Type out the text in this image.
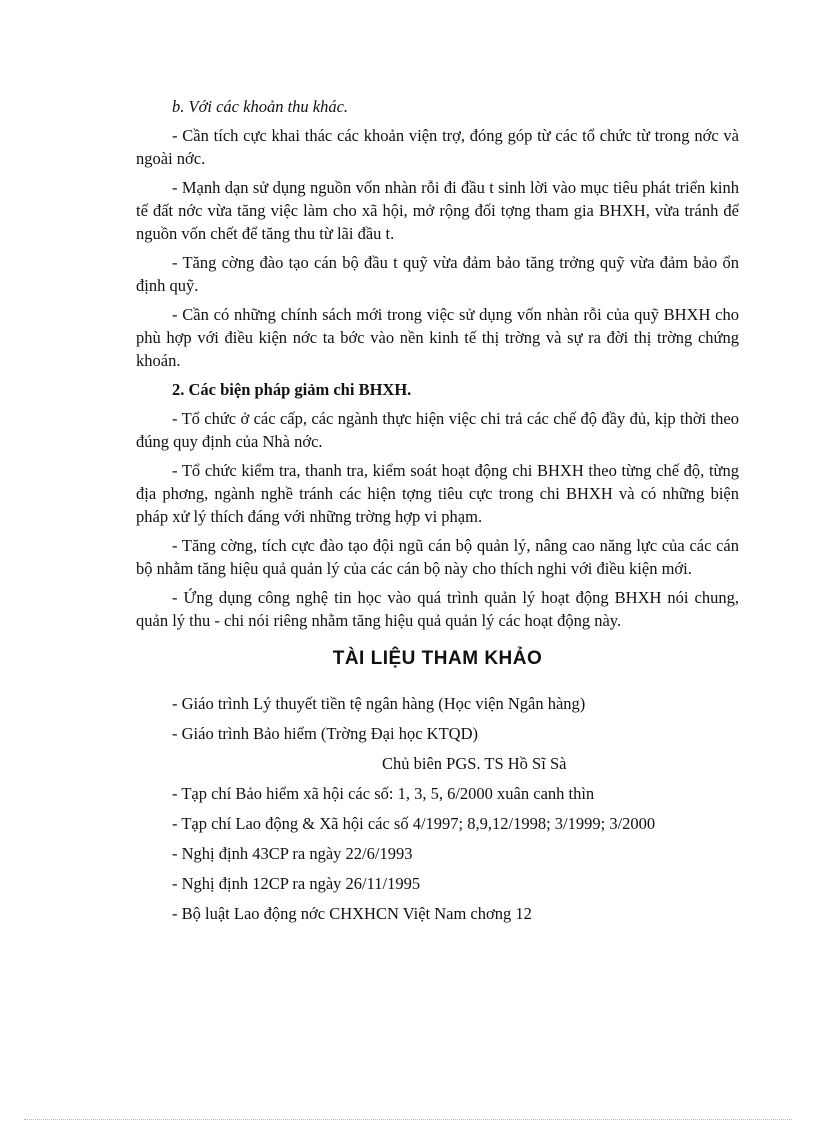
b. Với các khoản thu khác.

- Cần tích cực khai thác các khoản viện trợ, đóng góp từ các tổ chức từ trong nớc và ngoài nớc.

- Mạnh dạn sử dụng nguồn vốn nhàn rỗi đi đầu t sinh lời vào mục tiêu phát triển kinh tế đất nớc vừa tăng việc làm cho xã hội, mở rộng đối tợng tham gia BHXH, vừa tránh để nguồn vốn chết để tăng thu từ lãi đầu t.

- Tăng cờng đào tạo cán bộ đầu t quỹ vừa đảm bảo tăng trởng quỹ vừa đảm bảo ổn định quỹ.

- Cần có những chính sách mới trong việc sử dụng vốn nhàn rỗi của quỹ BHXH cho phù hợp với điều kiện nớc ta bớc vào nền kinh tế thị trờng và sự ra đời thị trờng chứng khoán.

2. Các biện pháp giảm chi BHXH.

- Tổ chức ở các cấp, các ngành thực hiện việc chi trả các chế độ đầy đủ, kịp thời theo đúng quy định của Nhà nớc.

- Tổ chức kiểm tra, thanh tra, kiểm soát hoạt động chi BHXH theo từng chế độ, từng địa phơng, ngành nghề tránh các hiện tợng tiêu cực trong chi BHXH và có những biện pháp xử lý thích đáng với những trờng hợp vi phạm.

- Tăng cờng, tích cực đào tạo đội ngũ cán bộ quản lý, nâng cao năng lực của các cán bộ nhằm tăng hiệu quả quản lý của các cán bộ này cho thích nghi với điều kiện mới.

- Ứng dụng công nghệ tin học vào quá trình quản lý hoạt động BHXH nói chung, quản lý thu - chi nói riêng nhằm tăng hiệu quả quản lý các hoạt động này.

TÀI LIỆU THAM KHẢO
- Giáo trình Lý thuyết tiền tệ ngân hàng (Học viện Ngân hàng)
- Giáo trình Bảo hiểm (Trờng Đại học KTQD)
Chủ biên PGS. TS Hồ Sĩ Sà
- Tạp chí Bảo hiểm xã hội các số: 1, 3, 5, 6/2000 xuân canh thìn
- Tạp chí Lao động & Xã hội các số 4/1997; 8,9,12/1998; 3/1999; 3/2000
- Nghị định 43CP ra ngày 22/6/1993
- Nghị định 12CP ra ngày 26/11/1995
- Bộ luật Lao động nớc CHXHCN Việt Nam chơng 12
